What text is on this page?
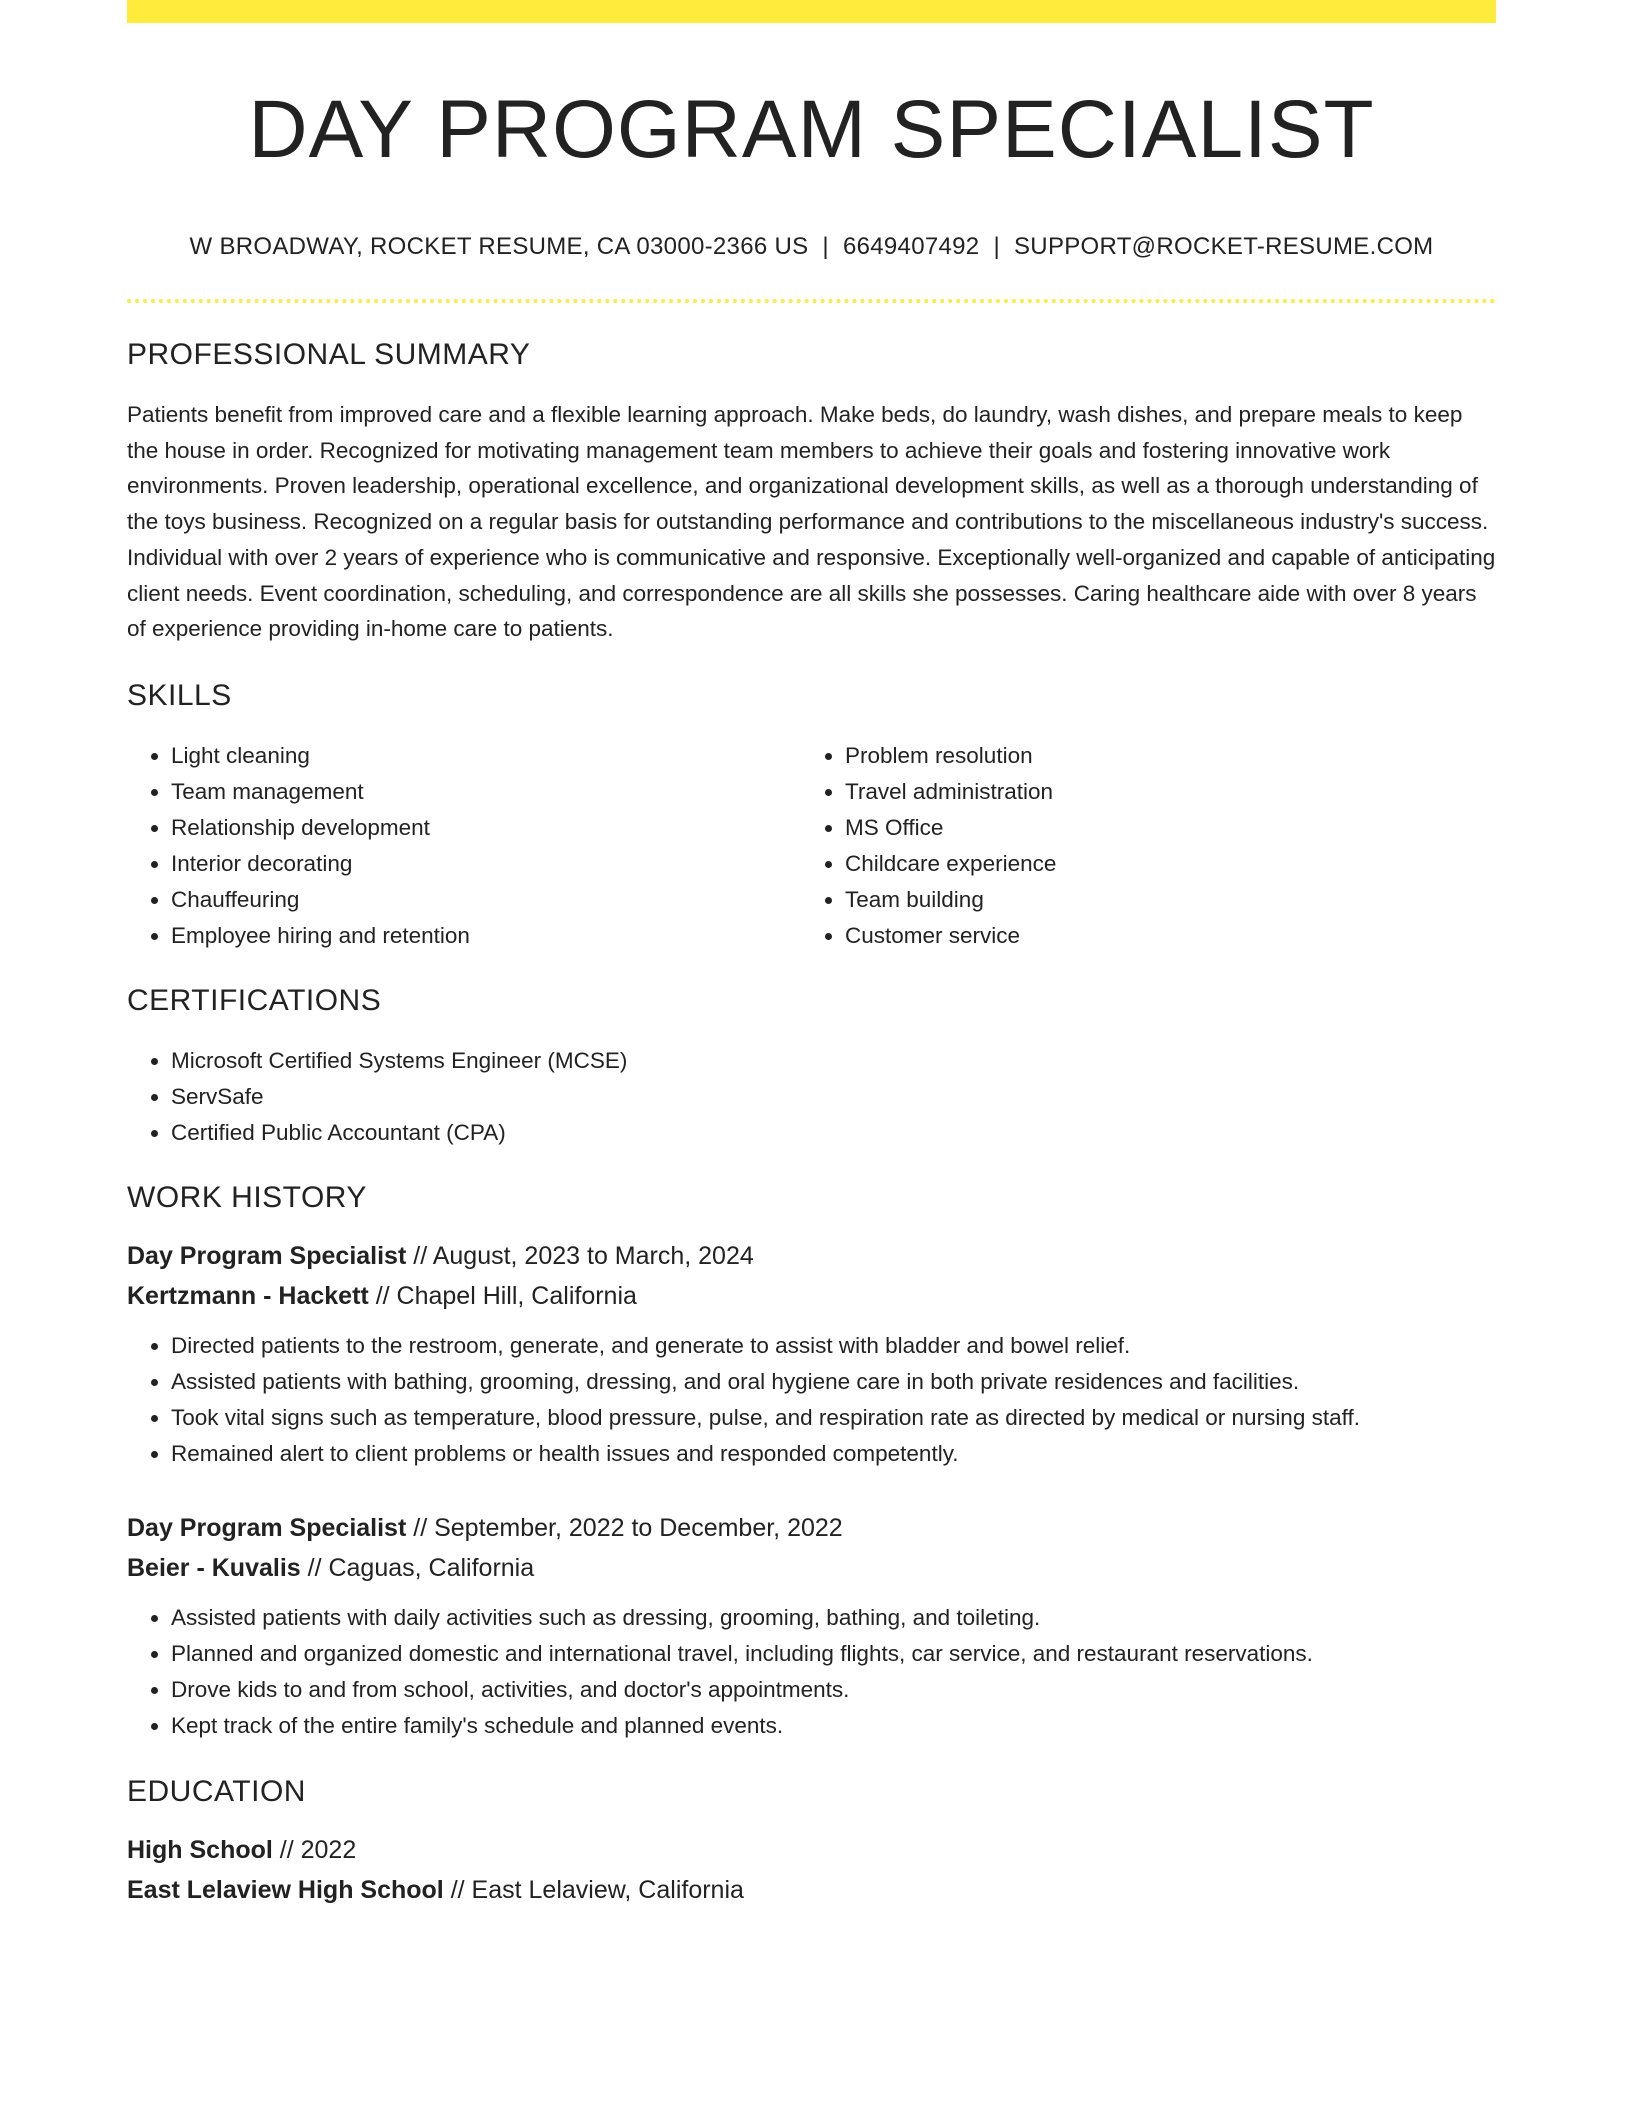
DAY PROGRAM SPECIALIST
W BROADWAY, ROCKET RESUME, CA 03000-2366 US | 6649407492 | SUPPORT@ROCKET-RESUME.COM
PROFESSIONAL SUMMARY

Patients benefit from improved care and a flexible learning approach. Make beds, do laundry, wash dishes, and prepare meals to keep the house in order. Recognized for motivating management team members to achieve their goals and fostering innovative work environments. Proven leadership, operational excellence, and organizational development skills, as well as a thorough understanding of the toys business. Recognized on a regular basis for outstanding performance and contributions to the miscellaneous industry's success. Individual with over 2 years of experience who is communicative and responsive. Exceptionally well-organized and capable of anticipating client needs. Event coordination, scheduling, and correspondence are all skills she possesses. Caring healthcare aide with over 8 years of experience providing in-home care to patients.

SKILLS
• Light cleaning
• Team management
• Relationship development
• Interior decorating
• Chauffeuring
• Employee hiring and retention
• Problem resolution
• Travel administration
• MS Office
• Childcare experience
• Team building
• Customer service
CERTIFICATIONS
• Microsoft Certified Systems Engineer (MCSE)
• ServSafe
• Certified Public Accountant (CPA)
WORK HISTORY
Day Program Specialist // August, 2023 to March, 2024
Kertzmann - Hackett // Chapel Hill, California
• Directed patients to the restroom, generate, and generate to assist with bladder and bowel relief.
• Assisted patients with bathing, grooming, dressing, and oral hygiene care in both private residences and facilities.
• Took vital signs such as temperature, blood pressure, pulse, and respiration rate as directed by medical or nursing staff.
• Remained alert to client problems or health issues and responded competently.
Day Program Specialist // September, 2022 to December, 2022
Beier - Kuvalis // Caguas, California
• Assisted patients with daily activities such as dressing, grooming, bathing, and toileting.
• Planned and organized domestic and international travel, including flights, car service, and restaurant reservations.
• Drove kids to and from school, activities, and doctor's appointments.
• Kept track of the entire family's schedule and planned events.
EDUCATION
High School // 2022
East Lelaview High School // East Lelaview, California
